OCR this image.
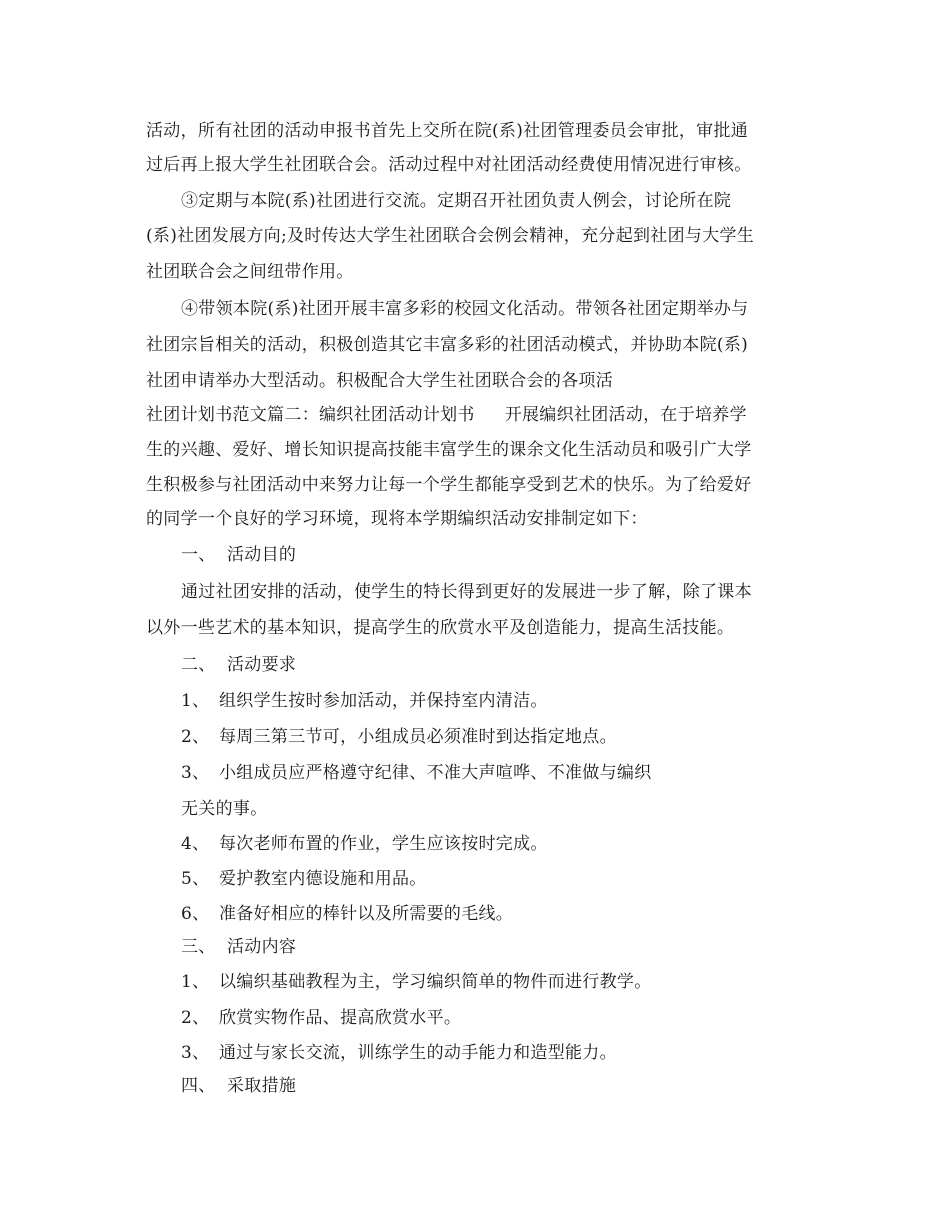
活动，所有社团的活动申报书首先上交所在院(系)社团管理委员会审批，审批通
过后再上报大学生社团联合会。活动过程中对社团活动经费使用情况进行审核。
③定期与本院(系)社团进行交流。定期召开社团负责人例会，讨论所在院
(系)社团发展方向;及时传达大学生社团联合会例会精神，充分起到社团与大学生
社团联合会之间纽带作用。
④带领本院(系)社团开展丰富多彩的校园文化活动。带领各社团定期举办与
社团宗旨相关的活动，积极创造其它丰富多彩的社团活动模式，并协助本院(系)
社团申请举办大型活动。积极配合大学生社团联合会的各项活
社团计划书范文篇二：编织社团活动计划书 开展编织社团活动，在于培养学
生的兴趣、爱好、增长知识提高技能丰富学生的课余文化生活动员和吸引广大学
生积极参与社团活动中来努力让每一个学生都能享受到艺术的快乐。为了给爱好
的同学一个良好的学习环境，现将本学期编织活动安排制定如下：
一、 活动目的
通过社团安排的活动，使学生的特长得到更好的发展进一步了解，除了课本
以外一些艺术的基本知识，提高学生的欣赏水平及创造能力，提高生活技能。
二、 活动要求
1、 组织学生按时参加活动，并保持室内清洁。
2、 每周三第三节可，小组成员必须准时到达指定地点。
3、 小组成员应严格遵守纪律、不准大声喧哗、不准做与编织
无关的事。
4、 每次老师布置的作业，学生应该按时完成。
5、 爱护教室内德设施和用品。
6、 准备好相应的棒针以及所需要的毛线。
三、 活动内容
1、 以编织基础教程为主，学习编织简单的物件而进行教学。
2、 欣赏实物作品、提高欣赏水平。
3、 通过与家长交流，训练学生的动手能力和造型能力。
四、 采取措施
